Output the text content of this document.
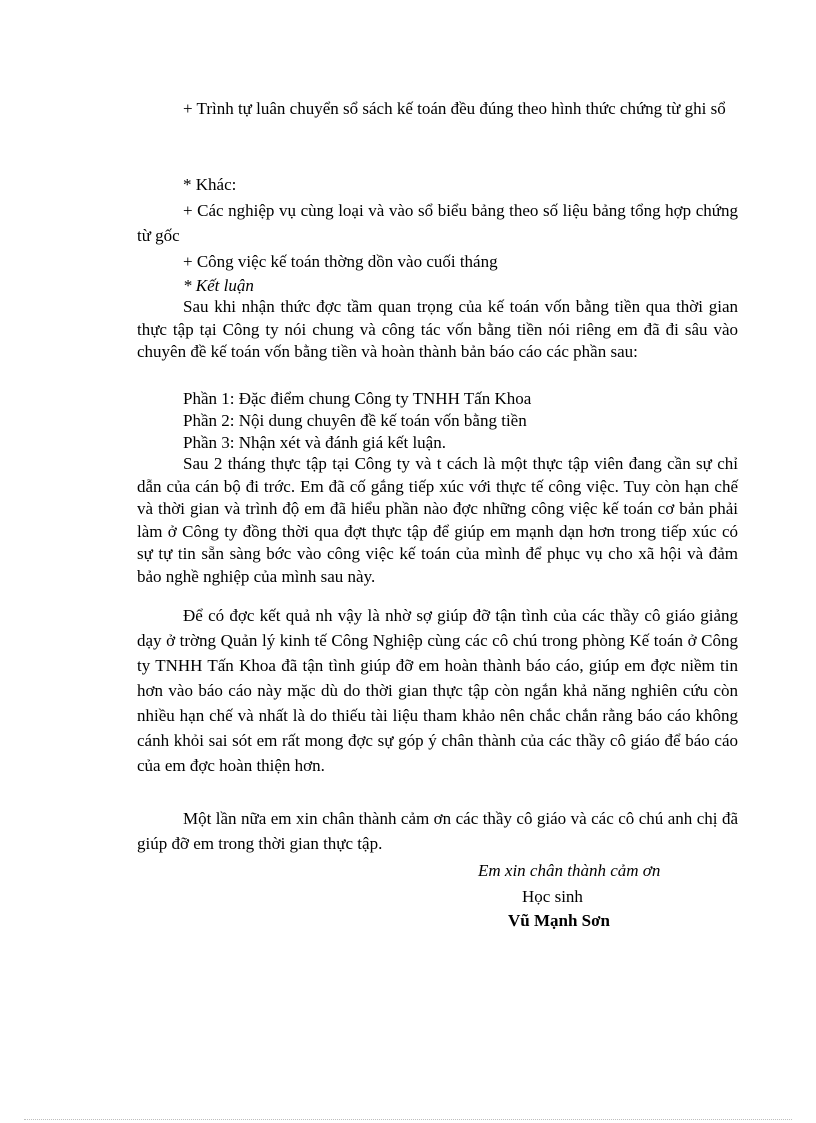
+ Trình tự luân chuyển sổ sách kế toán đều đúng theo hình thức chứng từ ghi sổ
* Khác:
+ Các nghiệp vụ cùng loại và vào sổ biểu bảng theo số liệu bảng tổng hợp chứng từ gốc
+ Công việc kế toán thờng dồn vào cuối tháng
* Kết luận
Sau khi nhận thức đợc tầm quan trọng của kế toán vốn bằng tiền qua thời gian thực tập tại Công ty nói chung và công tác vốn bằng tiền nói riêng em đã đi sâu vào chuyên đề kế toán vốn bằng tiền và hoàn thành bản báo cáo các phần sau:
Phần 1: Đặc điểm chung Công ty TNHH Tấn Khoa
Phần 2: Nội dung chuyên đề kế toán vốn bằng tiền
Phần 3: Nhận xét và đánh giá kết luận.
Sau 2 tháng thực tập tại Công ty và t cách là một thực tập viên đang cần sự chỉ dẫn của cán bộ đi trớc. Em đã cố gắng tiếp xúc với thực tế công việc. Tuy còn hạn chế và thời gian và trình độ em đã hiểu phần nào đợc những công việc kế toán cơ bản phải làm ở Công ty đồng thời qua đợt thực tập để giúp em mạnh dạn hơn trong tiếp xúc có sự tự tin sẵn sàng bớc vào công việc kế toán của mình để phục vụ cho xã hội và đảm bảo nghề nghiệp của mình sau này.
Để có đợc kết quả nh vậy là nhờ sợ giúp đỡ tận tình của các thầy cô giáo giảng dạy ở trờng Quản lý kinh tế Công Nghiệp cùng các cô chú trong phòng Kế toán ở Công ty TNHH Tấn Khoa đã tận tình giúp đỡ em hoàn thành báo cáo, giúp em đợc niềm tin hơn vào báo cáo này mặc dù do thời gian thực tập còn ngắn khả năng nghiên cứu còn nhiều hạn chế và nhất là do thiếu tài liệu tham khảo nên chắc chắn rằng báo cáo không cánh khỏi sai sót em rất mong đợc sự góp ý chân thành của các thầy cô giáo để báo cáo của em đợc hoàn thiện hơn.
Một lần nữa em xin chân thành cảm ơn các thầy cô giáo và các cô chú anh chị đã giúp đỡ em trong thời gian thực tập.
Em xin chân thành cảm ơn
Học sinh
Vũ Mạnh Sơn
